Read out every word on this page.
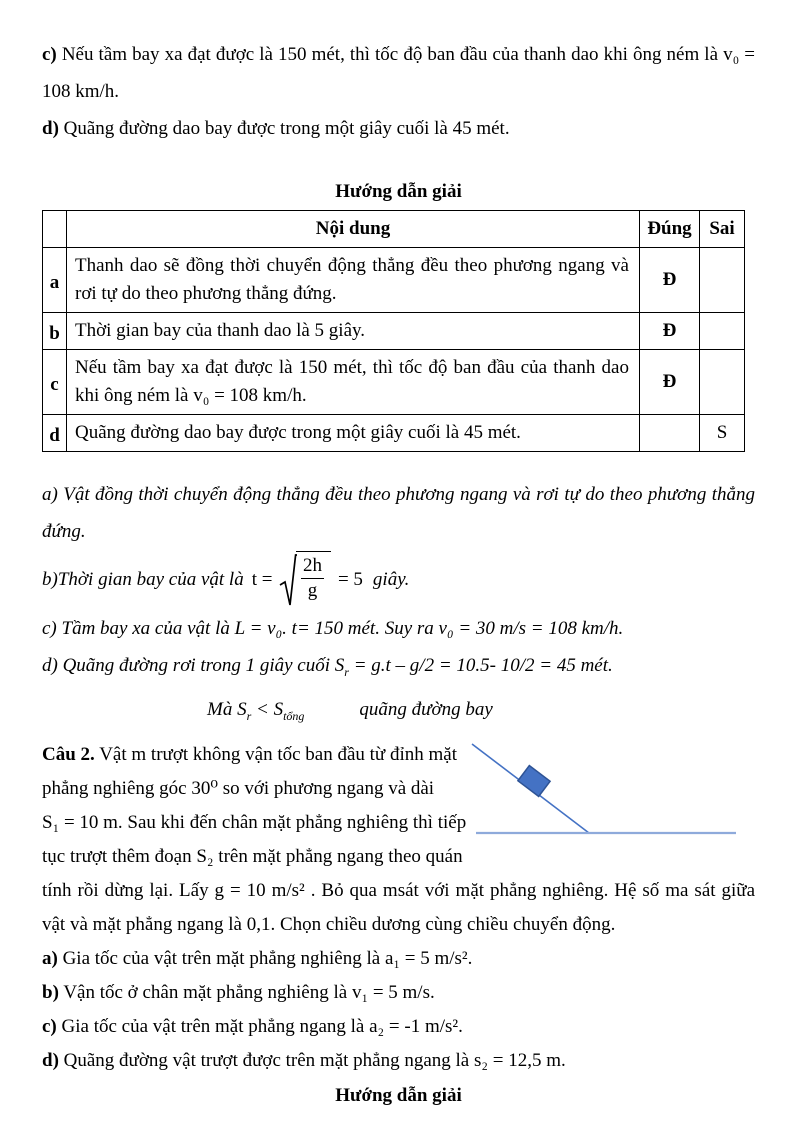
c) Nếu tầm bay xa đạt được là 150 mét, thì tốc độ ban đầu của thanh dao khi ông ném là v₀ =
108 km/h.
d) Quãng đường dao bay được trong một giây cuối là 45 mét.
Hướng dẫn giải
	Nội dung	Đúng	Sai
a	Thanh dao sẽ đồng thời chuyển động thẳng đều theo phương ngang và rơi tự do theo phương thẳng đứng.	Đ	
b	Thời gian bay của thanh dao là 5 giây.	Đ	
c	Nếu tầm bay xa đạt được là 150 mét, thì tốc độ ban đầu của thanh dao khi ông ném là v₀ = 108 km/h.	Đ	
d	Quãng đường dao bay được trong một giây cuối là 45 mét.		S
a) Vật đồng thời chuyển động thẳng đều theo phương ngang và rơi tự do theo phương thẳng
đứng.
b) Thời gian bay của vật là $t = \frac{2h}{g} = 5$ giây.
c) Tầm bay xa của vật là L = v₀. t= 150 mét. Suy ra v₀ = 30 m/s = 108 km/h.
d) Quãng đường rơi trong 1 giây cuối $S_r = g.t - g/2 = 10.5-$ 10/2 = 45 mét.
Mà $S_r < S_{tổng}$	quãng đường bay
Câu 2. Vật m trượt không vận tốc ban đầu từ đỉnh mặt
phẳng nghiêng góc 30⁰ so với phương ngang và dài
S₁ = 10 m. Sau khi đến chân mặt phẳng nghiêng thì tiếp
tục trượt thêm đoạn S₂ trên mặt phẳng ngang theo quán
tính rồi dừng lại. Lấy g = 10 m/s² . Bỏ qua msát với mặt phẳng nghiêng. Hệ số ma sát giữa
vật và mặt phẳng ngang là 0,1. Chọn chiều dương cùng chiều chuyển động.
a) Gia tốc của vật trên mặt phẳng nghiêng là a₁ = 5 m/s².
b) Vận tốc ở chân mặt phẳng nghiêng là v₁ = 5 m/s.
c) Gia tốc của vật trên mặt phẳng ngang là a₂ = -1 m/s².
d) Quãng đường vật trượt được trên mặt phẳng ngang là s₂ = 12,5 m.
Hướng dẫn giải
